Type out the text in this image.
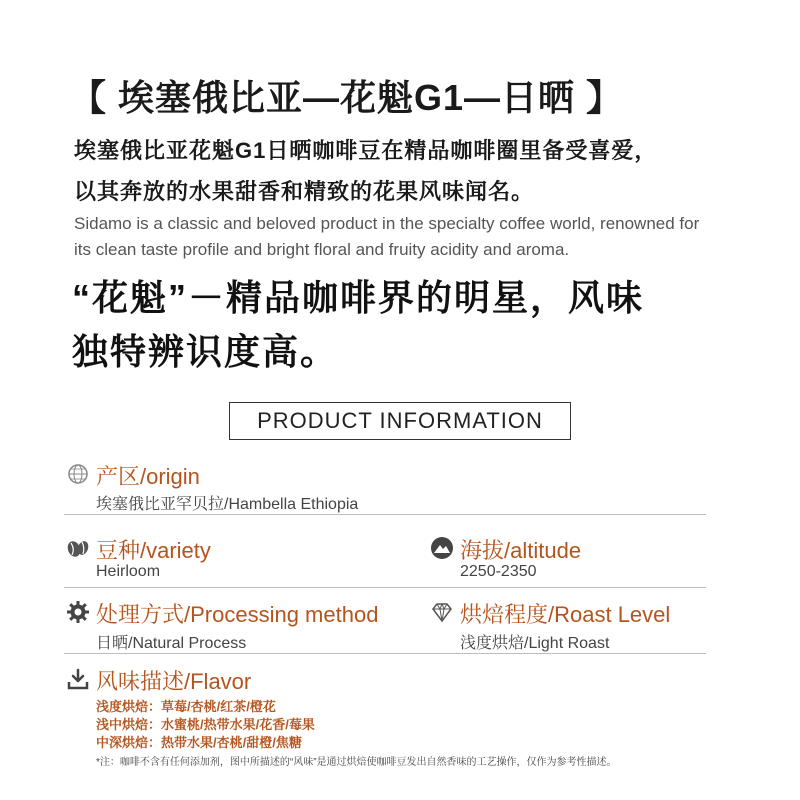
【 埃塞俄比亚—花魁G1—日晒 】
埃塞俄比亚花魁G1日晒咖啡豆在精品咖啡圈里备受喜爱，
以其奔放的水果甜香和精致的花果风味闻名。
Sidamo is a classic and beloved product in the specialty coffee world, renowned for
its clean taste profile and bright floral and fruity acidity and aroma.
“花魁”－精品咖啡界的明星，风味
独特辨识度高。
PRODUCT INFORMATION
产区/origin
埃塞俄比亚罕贝拉/Hambella Ethiopia
豆种/variety
Heirloom
海拔/altitude
2250-2350
处理方式/Processing method
日晒/Natural Process
烘焙程度/Roast Level
浅度烘焙/Light Roast
风味描述/Flavor
浅度烘焙：草莓/杏桃/红茶/橙花
浅中烘焙：水蜜桃/热带水果/花香/莓果
中深烘焙：热带水果/杏桃/甜橙/焦糖
*注：咖啡不含有任何添加剂，图中所描述的“风味”是通过烘焙使咖啡豆发出自然香味的工艺操作，仅作为参考性描述。
